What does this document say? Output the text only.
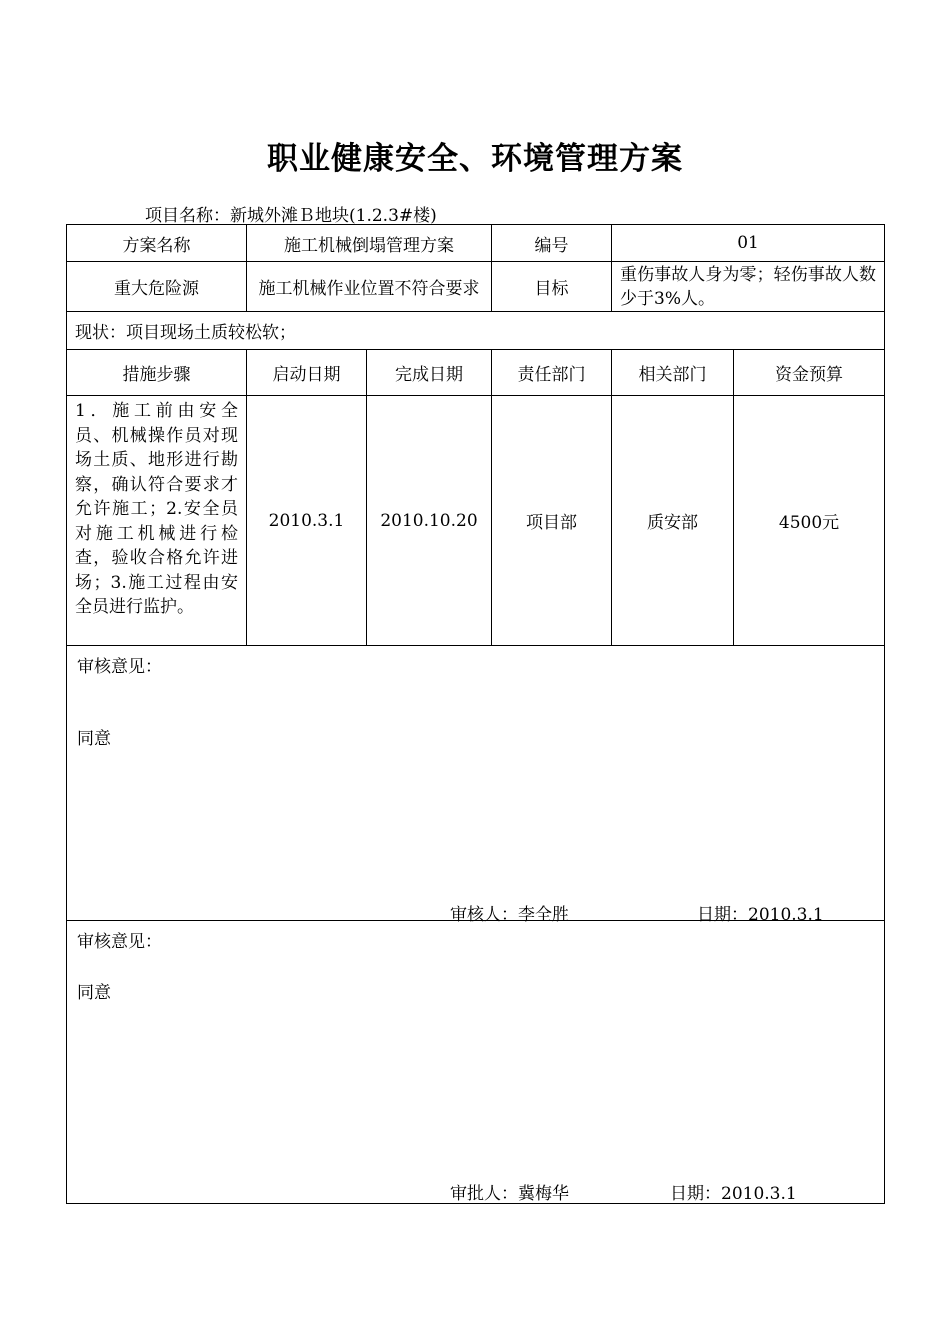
职业健康安全、环境管理方案
项目名称：新城外滩Ｂ地块(1.2.3#楼)
方案名称	施工机械倒塌管理方案		编号	01	
重大危险源	施工机械作业位置不符合要求		目标	重伤事故人身为零；轻伤事故人数少于3%人。	
现状：项目现场土质较松软；					
措施步骤	启动日期	完成日期	责任部门	相关部门	资金预算
1．施工前由安全员、机械操作员对现场土质、地形进行勘察，确认符合要求才允许施工；2.安全员对施工机械进行检查，验收合格允许进场；3.施工过程由安全员进行监护。	2010.3.1	2010.10.20	项目部	质安部	4500元

审核意见：
同意
审核人：李全胜 日期：2010.3.1					

审核意见：
同意
审批人：冀梅华 日期：2010.3.1					
